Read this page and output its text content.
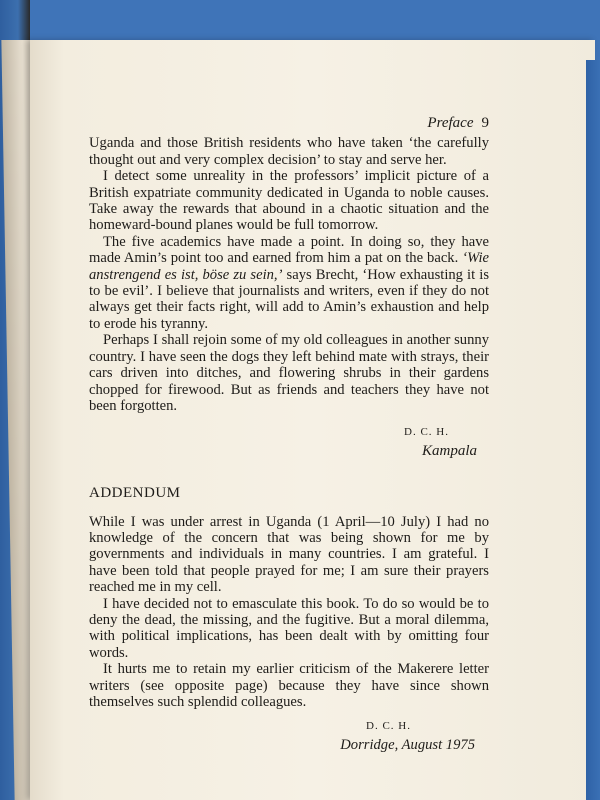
Preface 9

Uganda and those British residents who have taken ‘the carefully thought out and very complex decision’ to stay and serve her.

I detect some unreality in the professors’ implicit picture of a British expatriate community dedicated in Uganda to noble causes. Take away the rewards that abound in a chaotic situation and the homeward-bound planes would be full tomorrow.

The five academics have made a point. In doing so, they have made Amin’s point too and earned from him a pat on the back. ‘Wie anstrengend es ist, böse zu sein,’ says Brecht, ‘How exhausting it is to be evil’. I believe that journalists and writers, even if they do not always get their facts right, will add to Amin’s exhaustion and help to erode his tyranny.

Perhaps I shall rejoin some of my old colleagues in another sunny country. I have seen the dogs they left behind mate with strays, their cars driven into ditches, and flowering shrubs in their gardens chopped for firewood. But as friends and teachers they have not been forgotten.

D. C. H.
Kampala
ADDENDUM

While I was under arrest in Uganda (1 April—10 July) I had no knowledge of the concern that was being shown for me by governments and individuals in many countries. I am grateful. I have been told that people prayed for me; I am sure their prayers reached me in my cell.

I have decided not to emasculate this book. To do so would be to deny the dead, the missing, and the fugitive. But a moral dilemma, with political implications, has been dealt with by omitting four words.

It hurts me to retain my earlier criticism of the Makerere letter writers (see opposite page) because they have since shown themselves such splendid colleagues.

D. C. H.
Dorridge, August 1975
